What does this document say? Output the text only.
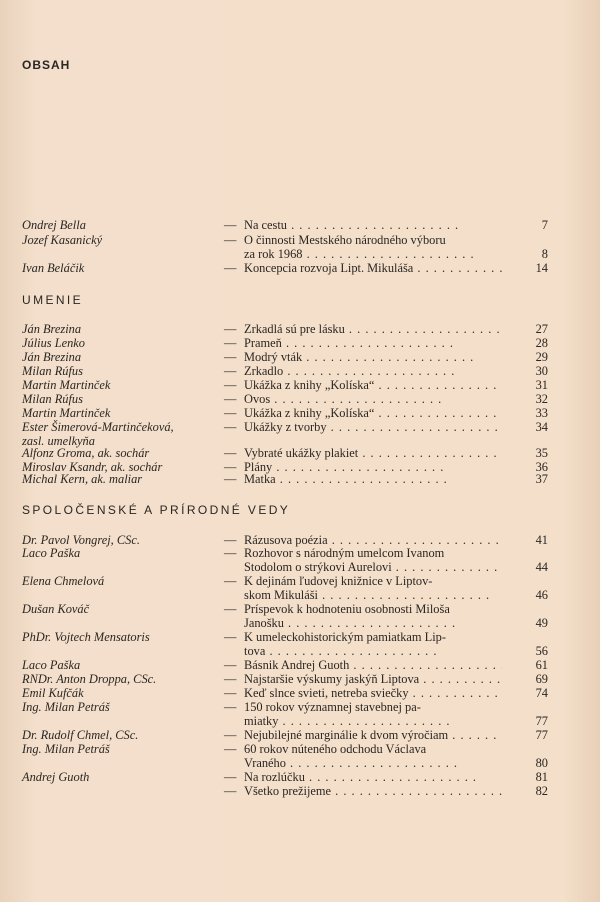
OBSAH
UMENIE
SPOLOČENSKÉ A PRÍRODNÉ VEDY
Ondrej Bella	— Na cestu . .	7
Jozef Kasanický	— O činnosti Mestského národného výboru
za rok 1968 . .	8
Ivan Beláčik	— Koncepcia rozvoja Lipt. Mikuláša . .	14
Ján Brezina	— Zrkadlá sú pre lásku . .	27
Július Lenko	— Prameň . .	28
Ján Brezina	— Modrý vták . .	29
Milan Rúfus	— Zrkadlo . .	30
Martin Martinček	— Ukážka z knihy „Kolíska“ . .	31
Milan Rúfus	— Ovos . .	32
Martin Martinček	— Ukážka z knihy „Kolíska“ . .	33
Ester Šimerová-Martinčeková,	— Ukážky z tvorby . .	34
zasl. umelkyňa
Alfonz Groma, ak. sochár	— Vybraté ukážky plakiet . .	35
Miroslav Ksandr, ak. sochár	— Plány . .	36
Michal Kern, ak. maliar	— Matka . .	37
Dr. Pavol Vongrej, CSc.	— Rázusova poézia . .	41
Laco Paška	— Rozhovor s národným umelcom Ivanom
Stodolom o strýkovi Aurelovi . .	44
Elena Chmelová	— K dejinám ľudovej knižnice v Liptov-
skom Mikuláši . .	46
Dušan Kováč	— Príspevok k hodnoteniu osobnosti Miloša
Janošku . .	49
PhDr. Vojtech Mensatoris	— K umeleckohistorickým pamiatkam Lip-
tova . .	56
Laco Paška	— Básnik Andrej Guoth . .	61
RNDr. Anton Droppa, CSc.	— Najstaršie výskumy jaskýň Liptova . .	69
Emil Kufčák	— Keď slnce svieti, netreba sviečky . .	74
Ing. Milan Petráš	— 150 rokov významnej stavebnej pa-
miatky . .	77
Dr. Rudolf Chmel, CSc.	— Nejubilejné marginálie k dvom výročiam . .	77
Ing. Milan Petráš	— 60 rokov núteného odchodu Václava
Vraného . .	80
Andrej Guoth	— Na rozlúčku . .	81
— Všetko prežijeme . .	82
